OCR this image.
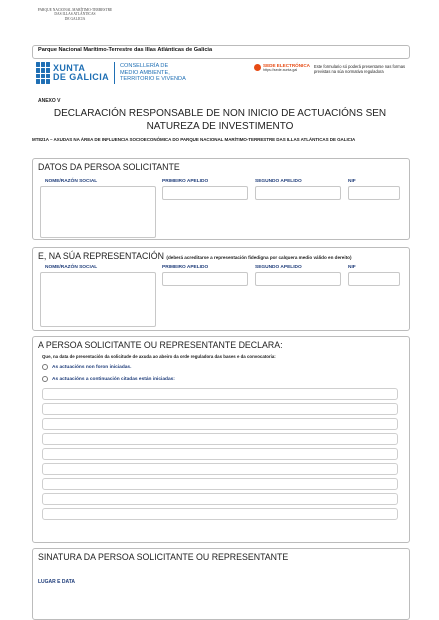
PARQUE NACIONAL MARÍTIMO-TERRESTRE
DAS ILLAS ATLÁNTICAS
DE GALICIA
Parque Nacional Marítimo-Terrestre das Illas Atlánticas de Galicia
XUNTA
DE GALICIA
CONSELLERÍA DE
MEDIO AMBIENTE,
TERRITORIO E VIVENDA
SEDE ELECTRÓNICA
https://sede.xunta.gal
Este formulario só poderá presentarse nas formas previstas na súa normativa reguladora
ANEXO V
DECLARACIÓN RESPONSABLE DE NON INICIO DE ACTUACIÓNS SEN NATUREZA DE INVESTIMENTO
MT821A – AXUDAS NA ÁREA DE INFLUENCIA SOCIOECONÓMICA DO PARQUE NACIONAL MARÍTIMO-TERRESTRE DAS ILLAS ATLÁNTICAS DE GALICIA
DATOS DA PERSOA SOLICITANTE
NOME/RAZÓN SOCIAL	PRIMEIRO APELIDO	SEGUNDO APELIDO	NIF
E, NA SÚA REPRESENTACIÓN (deberá acreditarse a representación fidedigna por calquera medio válido en dereito)
NOME/RAZÓN SOCIAL	PRIMEIRO APELIDO	SEGUNDO APELIDO	NIF
A PERSOA SOLICITANTE OU REPRESENTANTE DECLARA:
Que, na data de presentación da solicitude de axuda ao abeiro da orde reguladora das bases e da convocatoria:
As actuacións non foron iniciadas.
As actuacións a continuación citadas están iniciadas:
SINATURA DA PERSOA SOLICITANTE OU REPRESENTANTE
LUGAR E DATA
